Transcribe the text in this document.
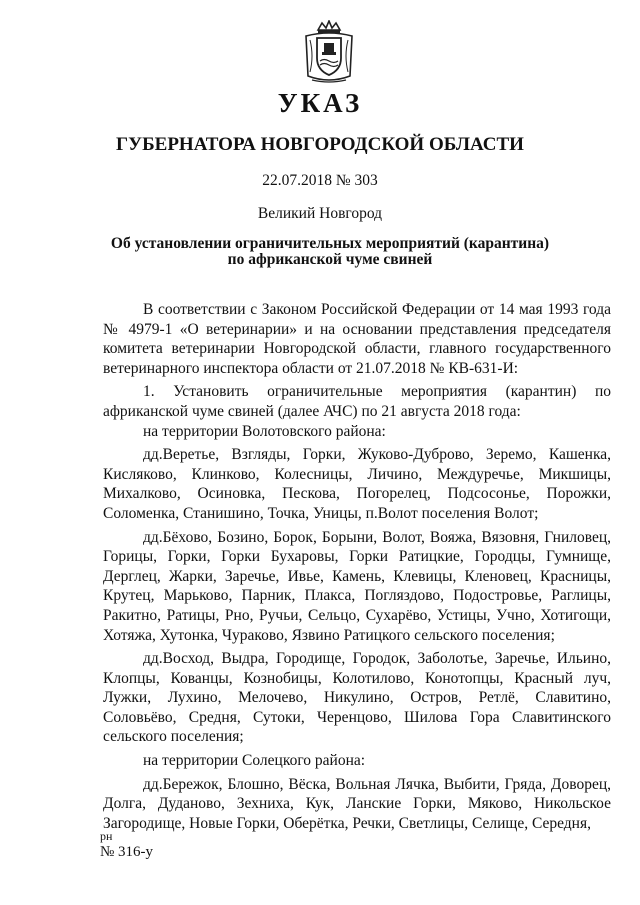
УКАЗ
ГУБЕРНАТОРА НОВГОРОДСКОЙ ОБЛАСТИ
22.07.2018 № 303
Великий Новгород
Об установлении ограничительных мероприятий (карантина)
по африканской чуме свиней

В соответствии с Законом Российской Федерации от 14 мая 1993 года № 4979-1 «О ветеринарии» и на основании представления председателя комитета ветеринарии Новгородской области, главного государственного ветеринарного инспектора области от 21.07.2018 № КВ-631-И:

1. Установить ограничительные мероприятия (карантин) по африканской чуме свиней (далее АЧС) по 21 августа 2018 года:

на территории Волотовского района:

дд.Веретье, Взгляды, Горки, Жуково-Дуброво, Зеремо, Кашенка, Кисляково, Клинково, Колесницы, Личино, Междуречье, Микшицы, Михалково, Осиновка, Пескова, Погорелец, Подсосонье, Порожки, Соломенка, Станишино, Точка, Уницы, п.Волот поселения Волот;

дд.Бёхово, Бозино, Борок, Борыни, Волот, Вояжа, Вязовня, Гниловец, Горицы, Горки, Горки Бухаровы, Горки Ратицкие, Городцы, Гумнище, Дерглец, Жарки, Заречье, Ивье, Камень, Клевицы, Кленовец, Красницы, Крутец, Марьково, Парник, Плакса, Погляздово, Подостровье, Раглицы, Ракитно, Ратицы, Рно, Ручьи, Сельцо, Сухарёво, Устицы, Учно, Хотигощи, Хотяжа, Хутонка, Чураково, Язвино Ратицкого сельского поселения;

дд.Восход, Выдра, Городище, Городок, Заболотье, Заречье, Ильино, Клопцы, Кованцы, Кознобицы, Колотилово, Конотопцы, Красный луч, Лужки, Лухино, Мелочево, Никулино, Остров, Ретлё, Славитино, Соловьёво, Средня, Сутоки, Черенцово, Шилова Гора Славитинского сельского поселения;

на территории Солецкого района:

дд.Бережок, Блошно, Вёска, Вольная Лячка, Выбити, Гряда, Доворец, Долга, Дуданово, Зехниха, Кук, Ланские Горки, Мяково, Никольское Загородище, Новые Горки, Оберётка, Речки, Светлицы, Селище, Середня,

рн
№ 316-у
